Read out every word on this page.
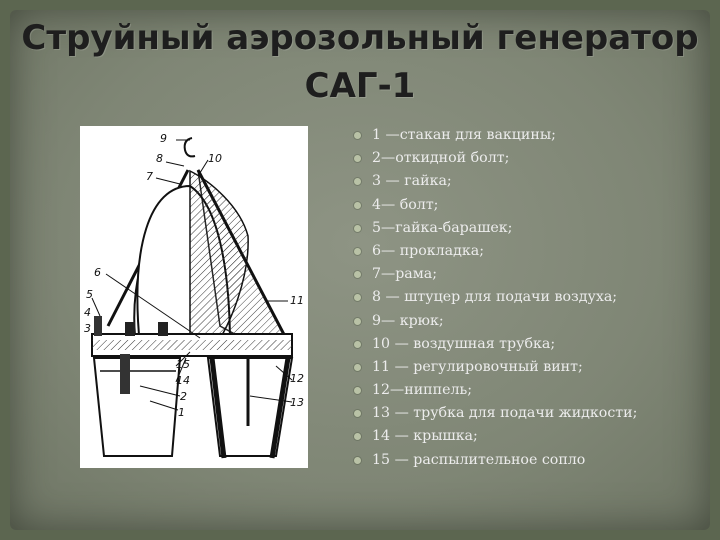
Струйный аэрозольный генератор
САГ-1
9
8
7
10
6
5
4
3
15
14
2
1
11
12
13
1 —стакан для вакцины;
2—откидной болт;
3 — гайка;
4— болт;
5—гайка-барашек;
6— прокладка;
7—рама;
8 — штуцер для подачи воздуха;
9— крюк;
10 — воздушная трубка;
11 — регулировочный винт;
12—ниппель;
13 — трубка для подачи жидкости;
14 — крышка;
15 — распылительное сопло
